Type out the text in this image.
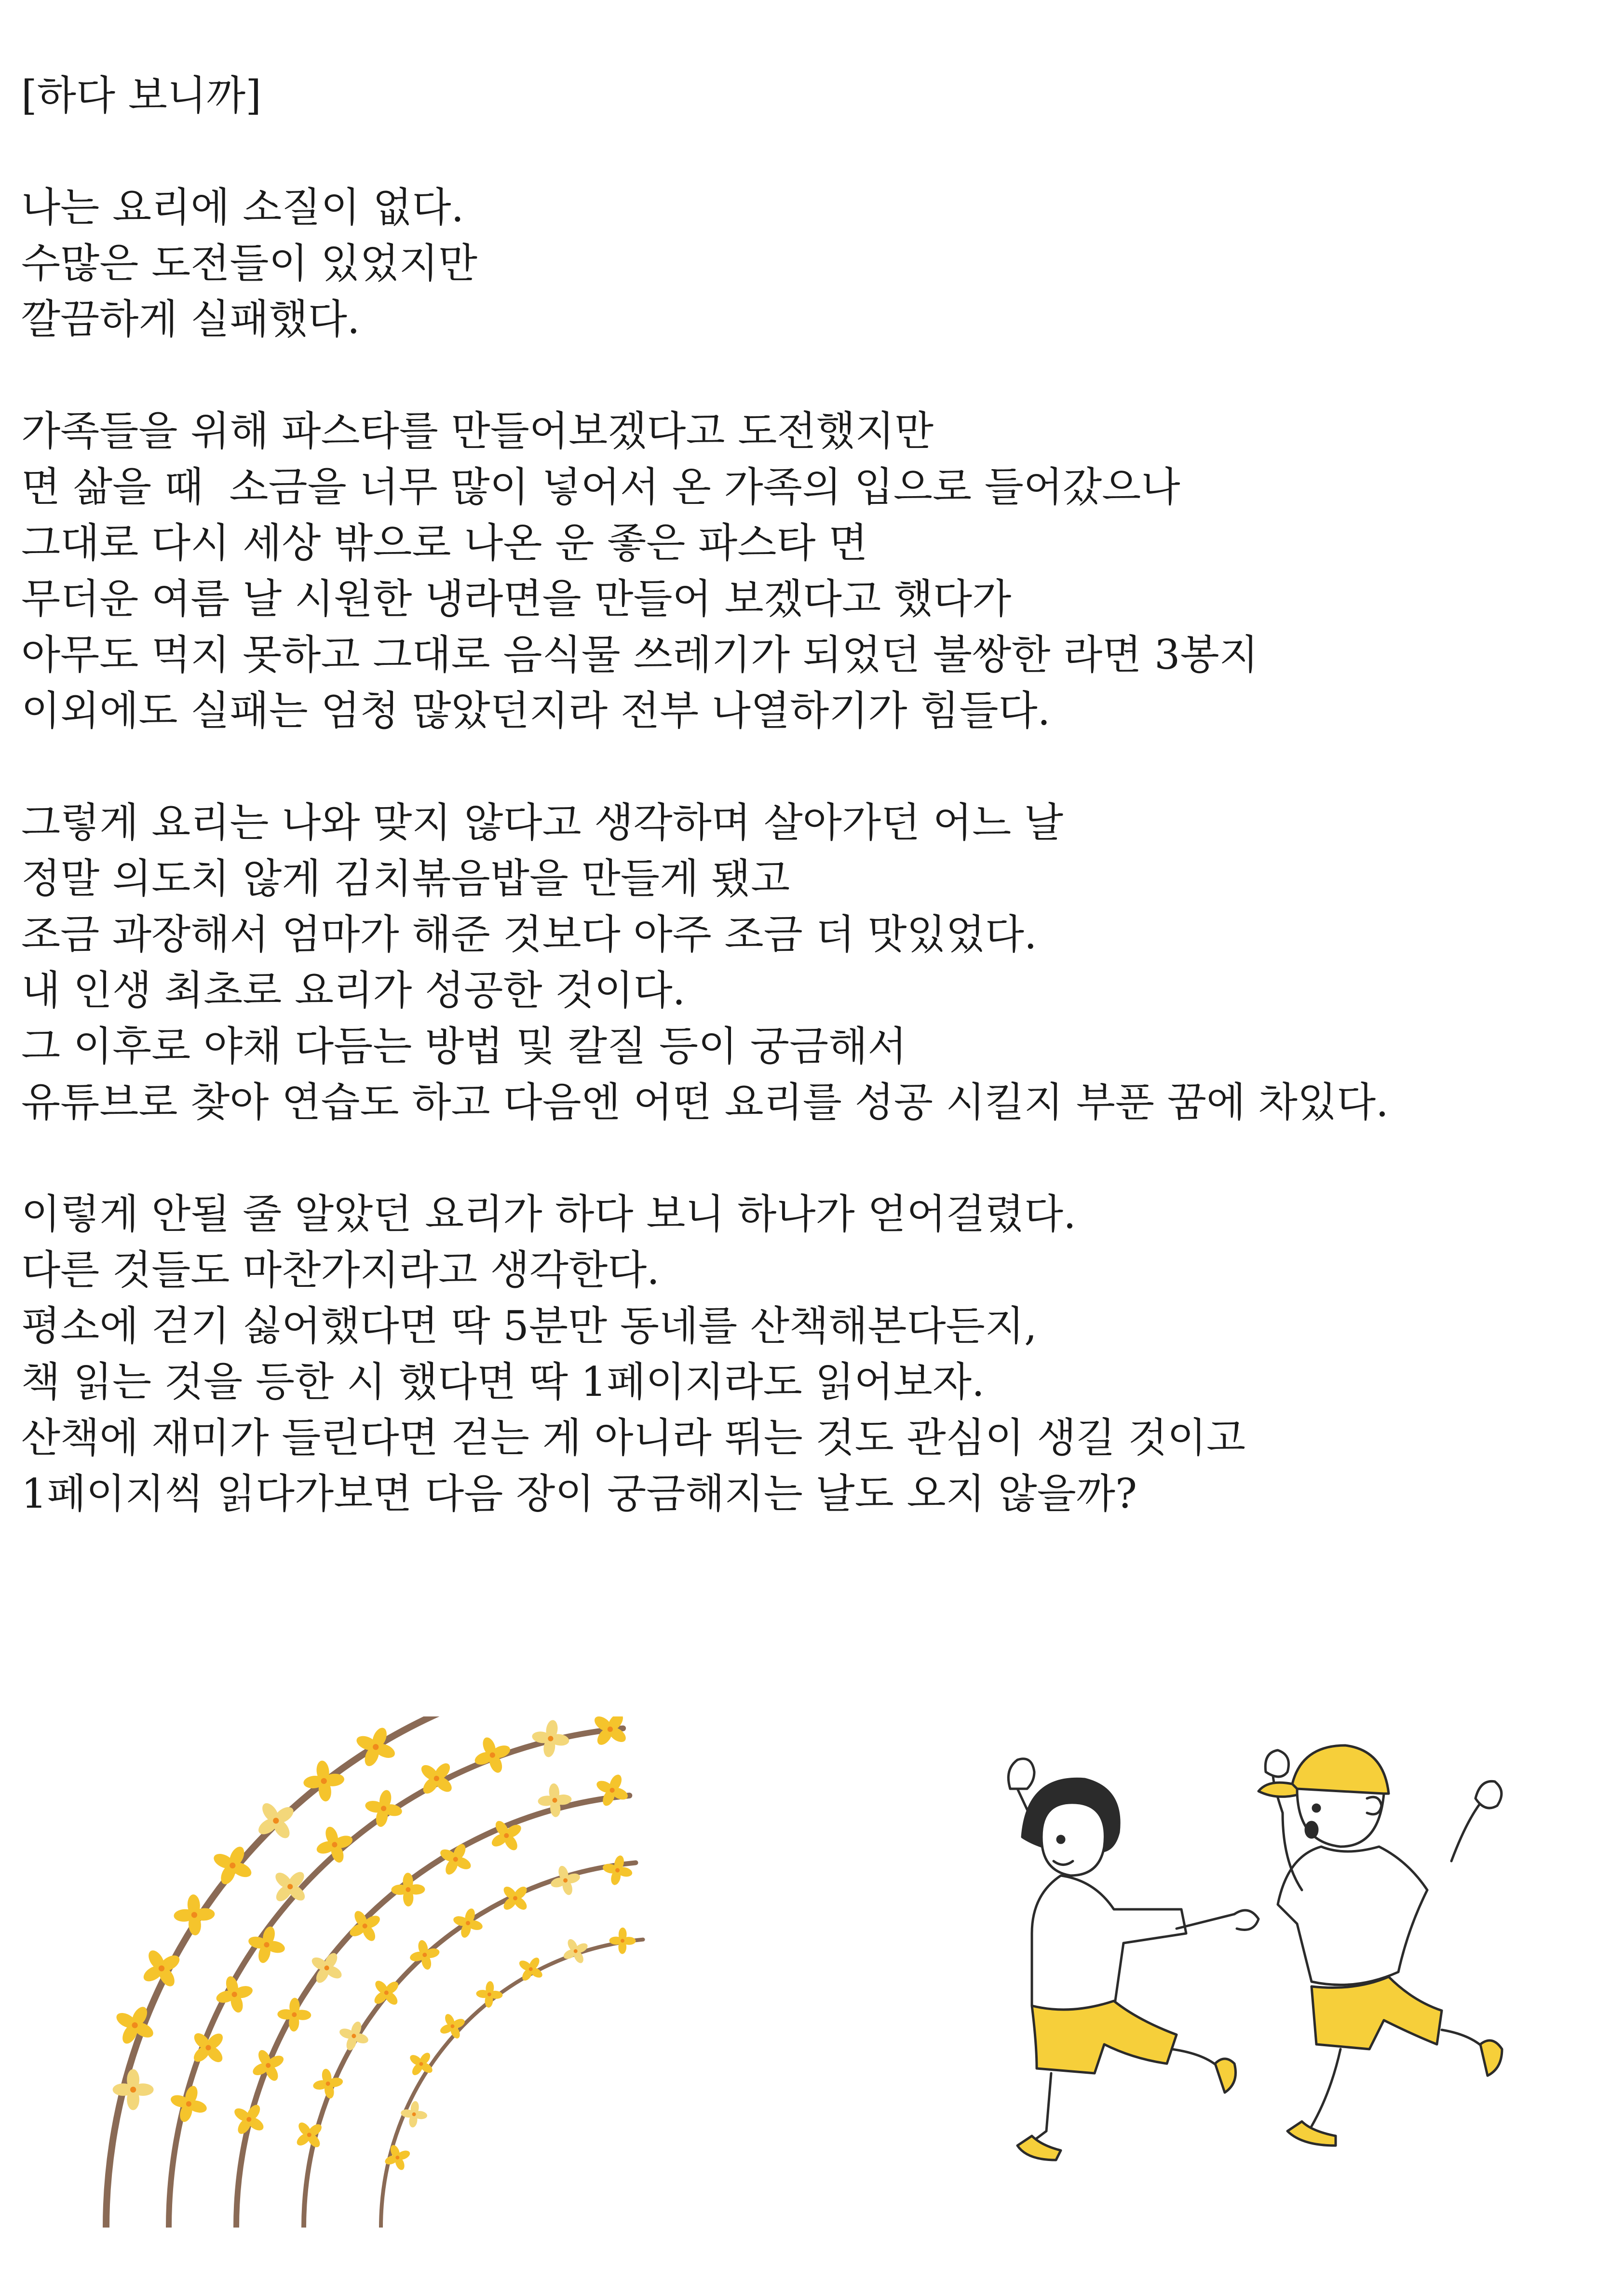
[하다 보니까]
나는 요리에 소질이 없다.
수많은 도전들이 있었지만
깔끔하게 실패했다.
가족들을 위해 파스타를 만들어보겠다고 도전했지만
면 삶을 때  소금을 너무 많이 넣어서 온 가족의 입으로 들어갔으나
그대로 다시 세상 밖으로 나온 운 좋은 파스타 면
무더운 여름 날 시원한 냉라면을 만들어 보겠다고 했다가
아무도 먹지 못하고 그대로 음식물 쓰레기가 되었던 불쌍한 라면 3봉지
이외에도 실패는 엄청 많았던지라 전부 나열하기가 힘들다.
그렇게 요리는 나와 맞지 않다고 생각하며 살아가던 어느 날
정말 의도치 않게 김치볶음밥을 만들게 됐고
조금 과장해서 엄마가 해준 것보다 아주 조금 더 맛있었다.
내 인생 최초로 요리가 성공한 것이다.
그 이후로 야채 다듬는 방법 및 칼질 등이 궁금해서
유튜브로 찾아 연습도 하고 다음엔 어떤 요리를 성공 시킬지 부푼 꿈에 차있다.
이렇게 안될 줄 알았던 요리가 하다 보니 하나가 얻어걸렸다.
다른 것들도 마찬가지라고 생각한다.
평소에 걷기 싫어했다면 딱 5분만 동네를 산책해본다든지,
책 읽는 것을 등한 시 했다면 딱 1페이지라도 읽어보자.
산책에 재미가 들린다면 걷는 게 아니라 뛰는 것도 관심이 생길 것이고
1페이지씩 읽다가보면 다음 장이 궁금해지는 날도 오지 않을까?
